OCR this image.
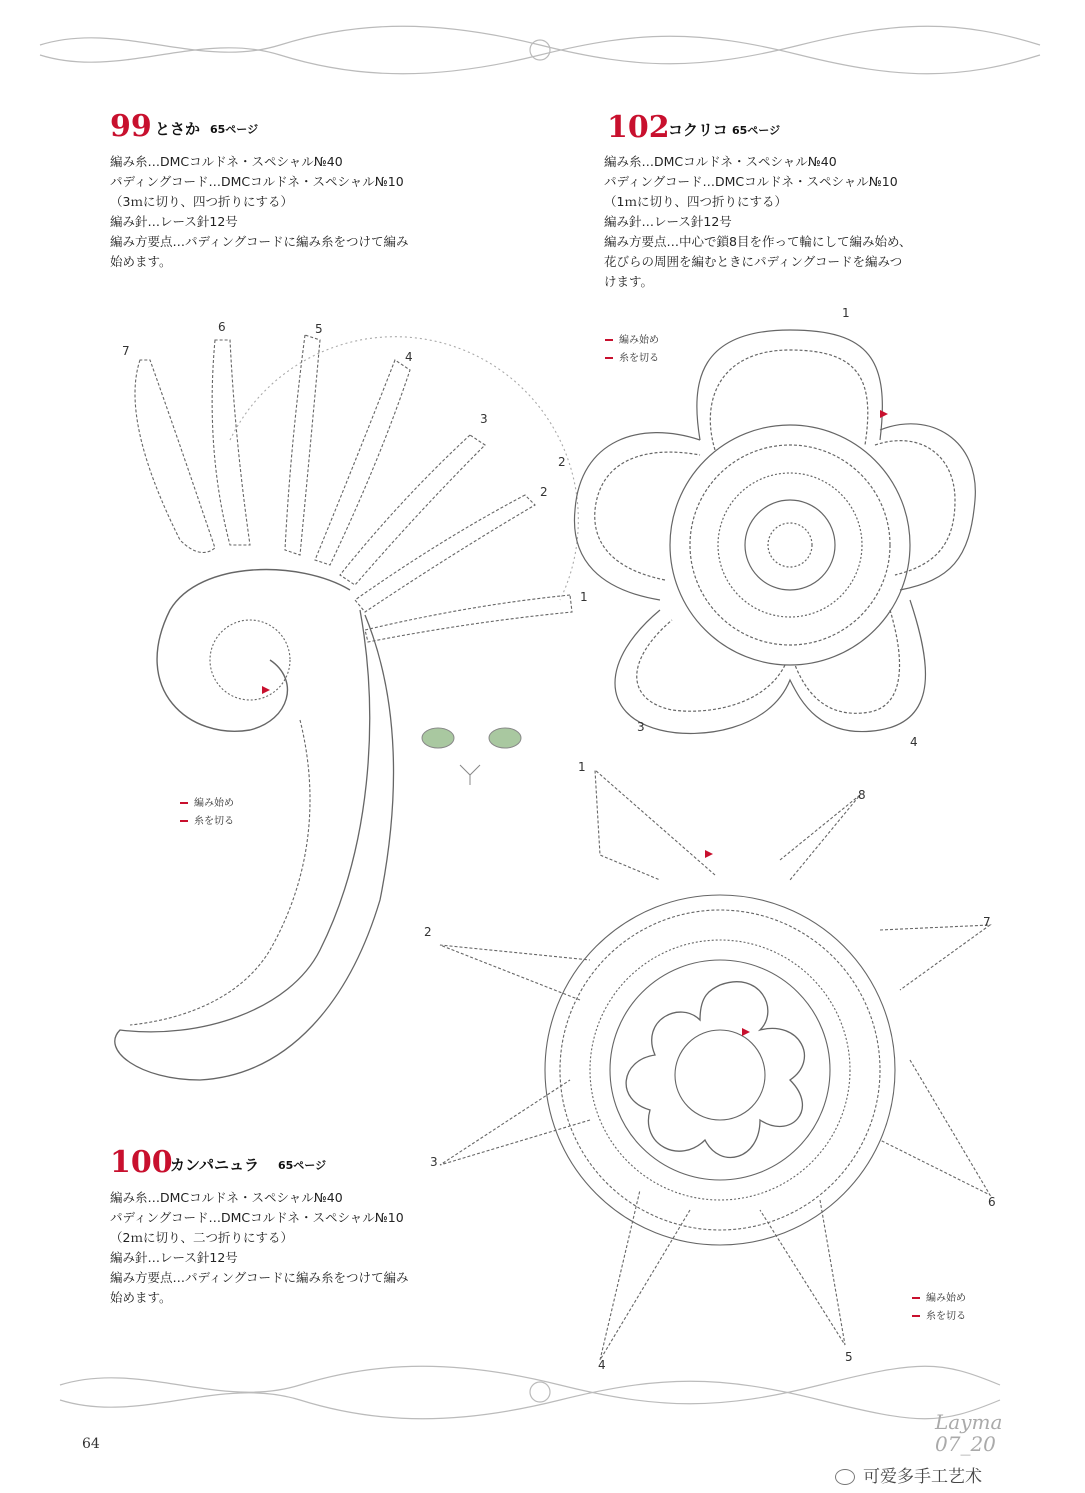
99 とさか 65ページ
編み糸…DMCコルドネ・スペシャル№40
パディングコード…DMCコルドネ・スペシャル№10
（3ｍに切り、四つ折りにする）
編み針…レース針12号
編み方要点…パディングコードに編み糸をつけて編み
始めます。
102
コクリコ 65ページ
編み糸…DMCコルドネ・スペシャル№40
パディングコード…DMCコルドネ・スペシャル№10
（1ｍに切り、四つ折りにする）
編み針…レース針12号
編み方要点…中心で鎖8目を作って輪にして編み始め、
花びらの周囲を編むときにパディングコードを編みつ
けます。
100
カンパニュラ 65ページ
編み糸…DMCコルドネ・スペシャル№40
パディングコード…DMCコルドネ・スペシャル№10
（2ｍに切り、二つ折りにする）
編み針…レース針12号
編み方要点…パディングコードに編み糸をつけて編み
始めます。
1
2
3
4
5
6
7
編み始め
糸を切る
1
2
3
4
編み始め
糸を切る
1
2
3
4
5
6
7
8
編み始め
糸を切る
64
Layma
07_20
可爱多手工艺术
